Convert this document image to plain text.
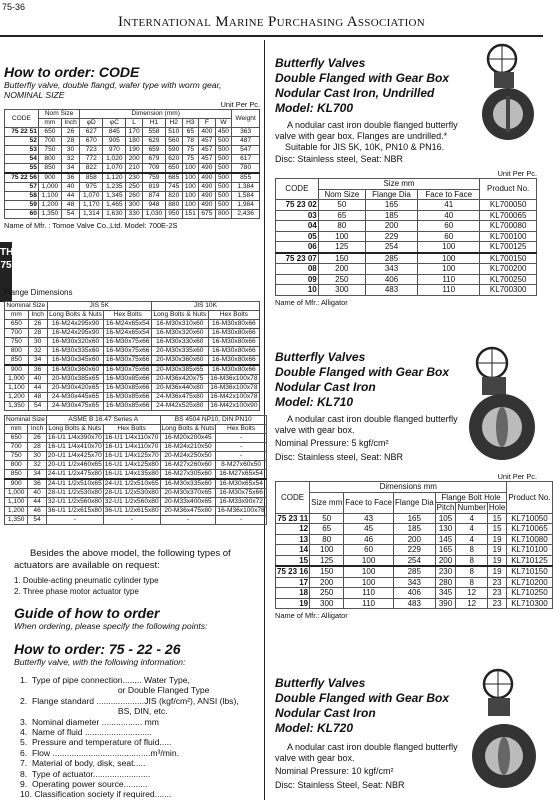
75-36
International Marine Purchasing Association
TH
75
How to order: CODE
Butterfly valve, double flangd, wafer type with worm gear, NOMINAL SIZE
Unit Per Pc.
CODE	Nom Size		Dimension (mm)								Weight
	mm	Inch	φD	φC	L	H1	H2	H3	F	W	
75 22 51	650	26	627	845	170	558	510	65	400	450	363
52	700	28	670	905	180	629	560	78	457	500	487
53	750	30	723	970	190	659	590	75	457	500	547
54	800	32	772	1,020	200	679	620	75	457	500	617
55	850	34	822	1,070	210	709	650	100	490	500	780
75 22 56	900	36	858	1,120	230	759	685	100	490	500	855
57	1,000	40	975	1,235	250	819	745	100	490	500	1,384
58	1,100	44	1,070	1,345	260	874	820	100	490	500	1,584
59	1,200	48	1,170	1,465	300	948	880	100	490	500	1,984
60	1,350	54	1,314	1,630	330	1,030	950	151	675	800	2,436
Name of Mfr. : Tomoe Valve Co.,Ltd. Model: 700E-2S
Flange Dimensions
Nominal Size		JIS 5K		JIS 10K	
mm	Inch	Long Bolts & Nuts	Hex Bolts	Long Bolts & Nuts	Hex Bolts
650	26	16-M24x295x90	16-M24x65x54	16-M30x310x60	16-M30x80x66
700	28	16-M24x295x90	16-M24x65x54	16-M30x320x60	16-M30x80x66
750	30	16-M30x320x60	16-M30x75x66	16-M30x330x60	16-M30x80x66
800	32	16-M30x335x60	16-M30x75x66	20-M30x335x60	16-M30x80x66
850	34	16-M30x345x60	16-M30x75x66	20-M30x360x60	16-M30x80x66
900	36	16-M30x360x60	16-M30x75x66	20-M30x385x65	16-M30x80x66
1,000	40	20-M30x385x65	16-M30x85x66	20-M36x420x75	16-M36x100x78
1,100	44	20-M30x420x65	16-M30x85x66	20-M36x440x80	16-M36x100x78
1,200	48	24-M30x445x65	16-M30x85x66	24-M36x475x80	16-M42x100x78
1,350	54	24-M30x475x65	16-M30x85x66	24-M42x525x80	16-M42x100x90
Nominal Size		ASME B 16.47 Series A		BS 4504 NP10, DIN PN10	
mm	Inch	Long Bolts & Nuts	Hex Bolts	Long Bolts & Nuts	Hex Bolts
650	26	16-U1 1/4x390x70	16-U1 1/4x110x70	16-M20x200x45	-
700	28	16-U1 1/4x410x70	16-U1 1/4x110x70	16-M24x210x50	-
750	30	20-U1 1/4x425x70	16-U1 1/4x125x70	20-M24x250x50	-
800	32	20-U1 1/2x460x65	16-U1 1/4x125x80	16-M27x260x60	8-M27x60x50
850	34	24-U1 1/2x475x80	16-U1 1/4x135x80	16-M27x305x60	16-M27x65x54
900	36	24-U1 1/2x510x65	24-U1 1/2x510x65	16-M30x335x60	16-M30x65x54
1,000	40	28-U1 1/2x530x80	28-U1 1/2x530x80	20-M30x370x65	16-M30x75x66
1,100	44	32-U1 1/2x560x80	32-U1 1/2x560x80	20-M33x400x65	16-M33x90x72
1,200	46	36-U1 1/2x615x80	36-U1 1/2x615x80	20-M36x475x80	16-M36x100x78
1,350	54	-	-	-	-
Besides the above model, the following types of actuators are available on request:
1. Double-acting pneumatic cylinder type
2. Three phase motor actuator type
Guide of how to order
When ordering, please specify the following points:
How to order: 75 - 22 - 26
Butterfly valve, with the following information:
1.  Type of pipe connection........ Water Type,
or Double Flanged Type
2.  Flange standard ....................JIS (kgf/cm²), ANSI (lbs),
BS, DIN, etc.
3.  Nominal diameter ................. mm
4.  Name of fluid ............................
5.  Pressure and temperature of fluid.....
6.  Flow .........................................m³/min.
7.  Material of body, disk, seat.....
8.  Type of actuator........................
9.  Operating power source..........
10. Classification society if required.......
Butterfly Valves
Double Flanged with Gear Box
Nodular Cast Iron, Undrilled
Model: KL700
A nodular cast iron double flanged butterfly valve with gear box. Flanges are undrilled.*
Suitable for JIS 5K, 10K, PN10 & PN16.
Disc: Stainless steel, Seat: NBR
Unit Per Pc.
CODE	Size mm			Product No.
	Nom Size	Flange Dia	Face to Face	
75 23 02	50	165	41	KL700050
03	65	185	40	KL700065
04	80	200	60	KL700080
05	100	229	60	KL700100
06	125	254	100	KL700125
75 23 07	150	285	100	KL700150
08	200	343	100	KL700200
09	250	406	110	KL700250
10	300	483	110	KL700300
Name of Mfr.: Alligator
Butterfly Valves
Double Flanged with Gear Box
Nodular Cast Iron
Model: KL710
A nodular cast iron double flanged butterfly valve with gear box.
Nominal Pressure: 5 kgf/cm²
Disc: Stainless steel, Seat: NBR
Unit Per Pc.
CODE	Dimensions mm						Product No.
	Size mm	Face to Face	Flange Dia	Flange Bolt Hole			
				Pitch	Number	Hole	
75 23 11	50	43	165	105	4	15	KL710050
12	65	45	185	130	4	15	KL710065
13	80	46	200	145	4	19	KL710080
14	100	60	229	165	8	19	KL710100
15	125	100	254	200	8	19	KL710125
75 23 16	150	100	285	230	8	19	KL710150
17	200	100	343	280	8	23	KL710200
18	250	110	406	345	12	23	KL710250
19	300	110	483	390	12	23	KL710300
Name of Mfr.: Alligator
Butterfly Valves
Double Flanged with Gear Box
Nodular Cast Iron
Model: KL720
A nodular cast iron double flanged butterfly valve with gear box.
Nominal Pressure: 10 kgf/cm²
Disc: Stainless Steel, Seat: NBR
